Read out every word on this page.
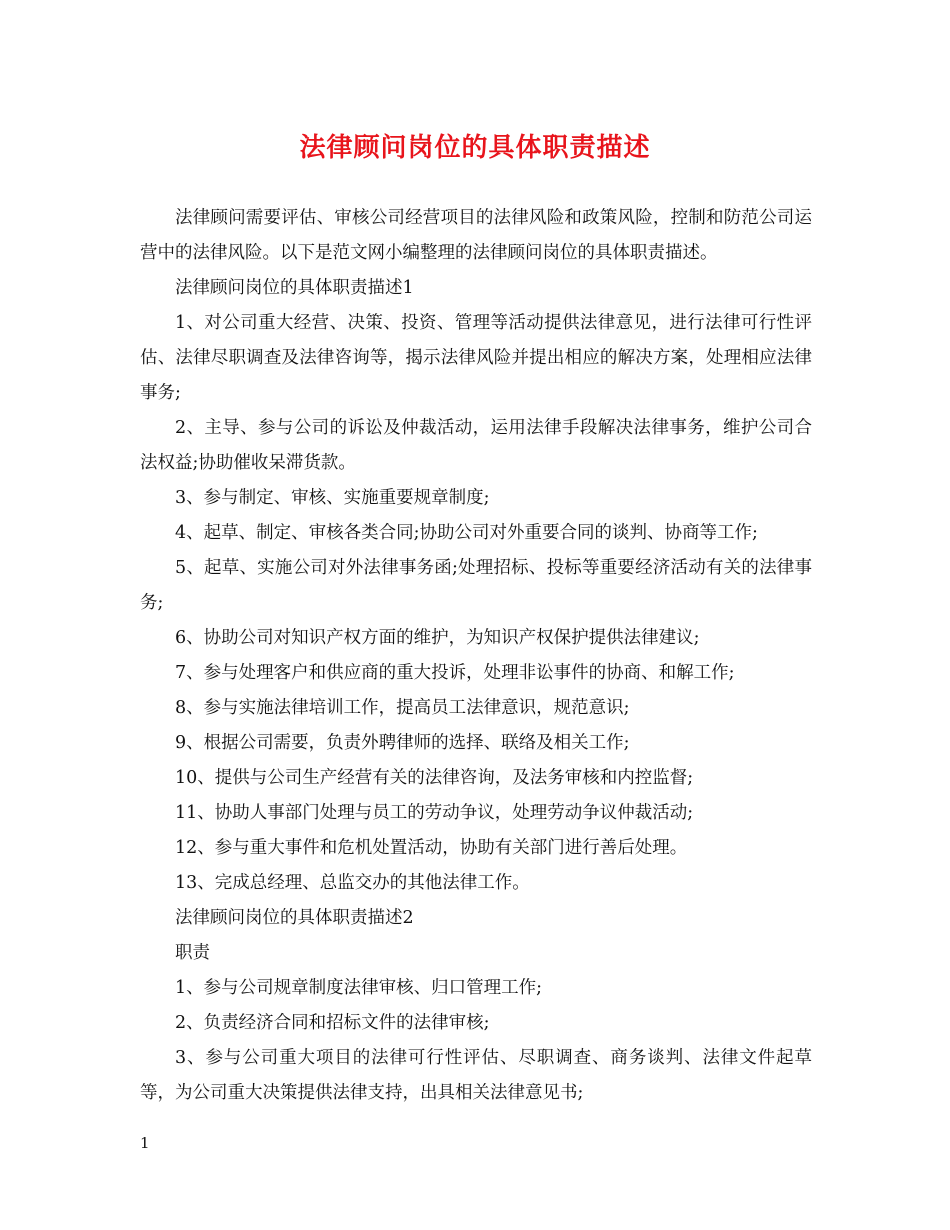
法律顾问岗位的具体职责描述

法律顾问需要评估、审核公司经营项目的法律风险和政策风险，控制和防范公司运营中的法律风险。以下是范文网小编整理的法律顾问岗位的具体职责描述。

法律顾问岗位的具体职责描述1

1、对公司重大经营、决策、投资、管理等活动提供法律意见，进行法律可行性评估、法律尽职调查及法律咨询等，揭示法律风险并提出相应的解决方案，处理相应法律事务;

2、主导、参与公司的诉讼及仲裁活动，运用法律手段解决法律事务，维护公司合法权益;协助催收呆滞货款。

3、参与制定、审核、实施重要规章制度;

4、起草、制定、审核各类合同;协助公司对外重要合同的谈判、协商等工作;

5、起草、实施公司对外法律事务函;处理招标、投标等重要经济活动有关的法律事务;

6、协助公司对知识产权方面的维护，为知识产权保护提供法律建议;

7、参与处理客户和供应商的重大投诉，处理非讼事件的协商、和解工作;

8、参与实施法律培训工作，提高员工法律意识，规范意识;

9、根据公司需要，负责外聘律师的选择、联络及相关工作;

10、提供与公司生产经营有关的法律咨询，及法务审核和内控监督;

11、协助人事部门处理与员工的劳动争议，处理劳动争议仲裁活动;

12、参与重大事件和危机处置活动，协助有关部门进行善后处理。

13、完成总经理、总监交办的其他法律工作。

法律顾问岗位的具体职责描述2

职责

1、参与公司规章制度法律审核、归口管理工作;

2、负责经济合同和招标文件的法律审核;

3、参与公司重大项目的法律可行性评估、尽职调查、商务谈判、法律文件起草等，为公司重大决策提供法律支持，出具相关法律意见书;

1
